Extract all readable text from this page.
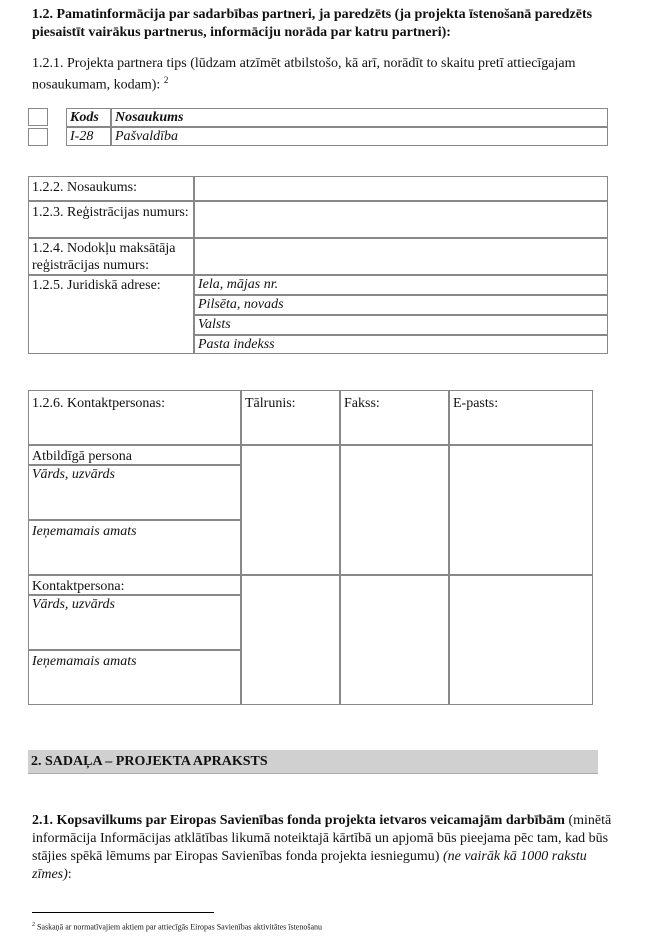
1.2. Pamatinformācija par sadarbības partneri, ja paredzēts (ja projekta īstenošanā paredzēts piesaistīt vairākus partnerus, informāciju norāda par katru partneri):
1.2.1. Projekta partnera tips (lūdzam atzīmēt atbilstošo, kā arī, norādīt to skaitu pretī attiecīgajam nosaukumam, kodam): $^2$
Kods	Nosaukums
I-28	Pašvaldība
1.2.2. Nosaukums:
1.2.3. Reģistrācijas numurs:
1.2.4. Nodokļu maksātāja reģistrācijas numurs:
1.2.5. Juridiskā adrese:	Iela, mājas nr.
Pilsēta, novads
Valsts
Pasta indekss
1.2.6. Kontaktpersonas:	Tālrunis:	Fakss:	E-pasts:
Atbildīgā persona
Vārds, uzvārds
Ieņemamais amats
Kontaktpersona:
Vārds, uzvārds
Ieņemamais amats
2. SADAĻA – PROJEKTA APRAKSTS
2.1. Kopsavilkums par Eiropas Savienības fonda projekta ietvaros veicamajām darbībām (minētā informācija Informācijas atklātības likumā noteiktajā kārtībā un apjomā būs pieejama pēc tam, kad būs stājies spēkā lēmums par Eiropas Savienības fonda projekta iesniegumu) (ne vairāk kā 1000 rakstu zīmes):
$^2$ Saskaņā ar normatīvajiem aktiem par attiecīgās Eiropas Savienības aktivitātes īstenošanu
